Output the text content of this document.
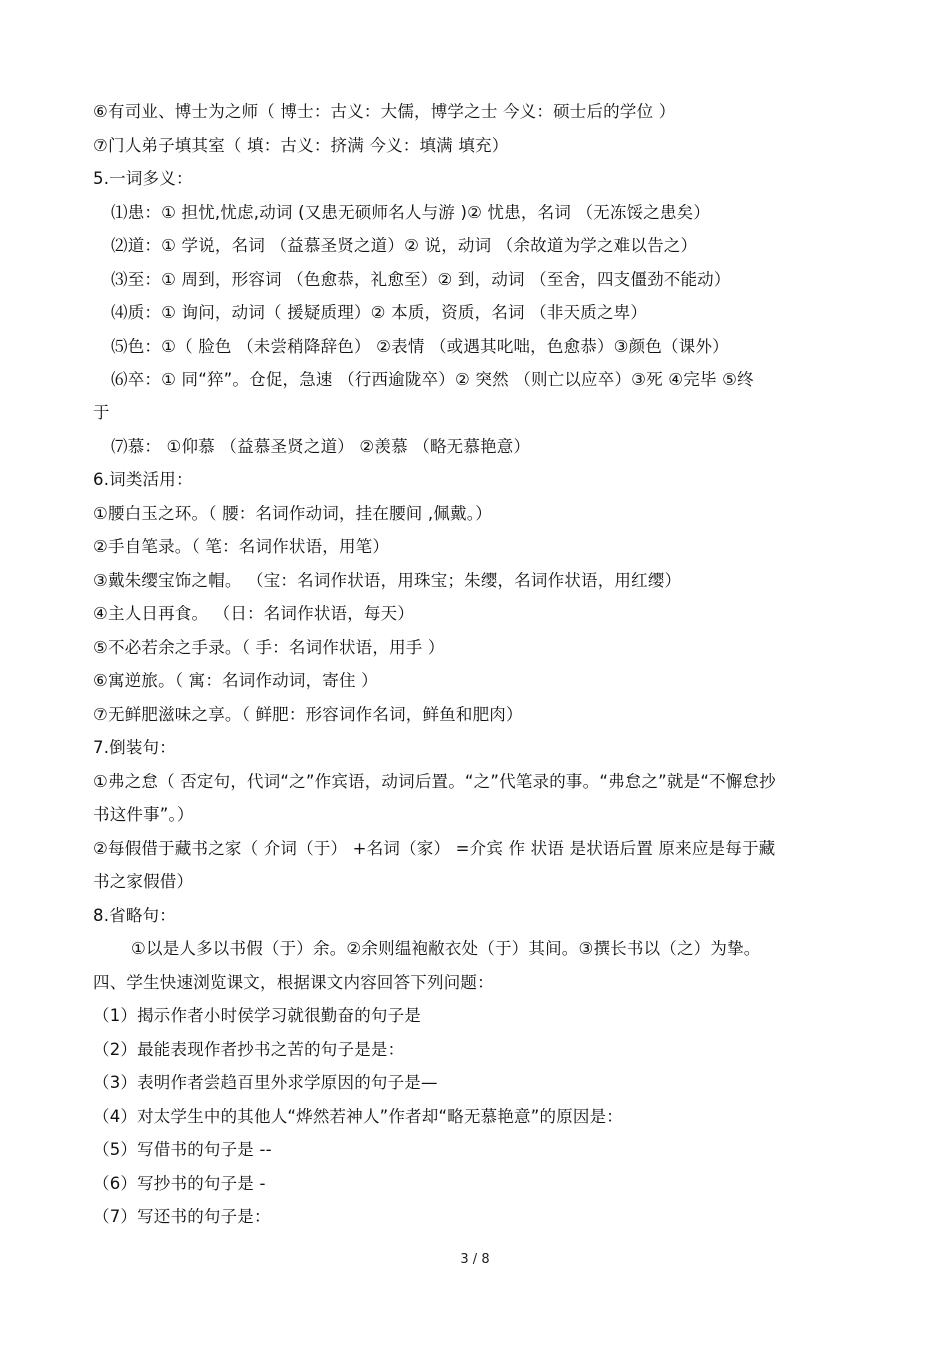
⑥有司业、博士为之师（ 博士：古义：大儒，博学之士 今义：硕士后的学位 ）
⑦门人弟子填其室（ 填：古义：挤满 今义：填满 填充）
5.一词多义：
⑴患：① 担忧,忧虑,动词 (又患无硕师名人与游 )② 忧患，名词 （无冻馁之患矣）
⑵道：① 学说，名词 （益慕圣贤之道）② 说，动词 （余故道为学之难以告之）
⑶至：① 周到，形容词 （色愈恭，礼愈至）② 到，动词 （至舍，四支僵劲不能动）
⑷质：① 询问，动词（ 援疑质理）② 本质，资质，名词 （非天质之卑）
⑸色：①（ 脸色 （未尝稍降辞色） ②表情 （或遇其叱咄，色愈恭）③颜色（课外）
⑹卒：① 同“猝”。仓促，急速 （行西逾陇卒）② 突然 （则亡以应卒）③死 ④完毕 ⑤终
于
⑺慕： ①仰慕 （益慕圣贤之道） ②羡慕 （略无慕艳意）
6.词类活用：
①腰白玉之环。（ 腰：名词作动词，挂在腰间 ,佩戴。）
②手自笔录。（ 笔：名词作状语，用笔）
③戴朱缨宝饰之帽。 （宝：名词作状语，用珠宝；朱缨，名词作状语，用红缨）
④主人日再食。 （日：名词作状语，每天）
⑤不必若余之手录。（ 手：名词作状语，用手 ）
⑥寓逆旅。（ 寓：名词作动词，寄住 ）
⑦无鲜肥滋味之享。（ 鲜肥：形容词作名词，鲜鱼和肥肉）
7.倒装句：
①弗之怠（ 否定句，代词“之”作宾语，动词后置。“之”代笔录的事。“弗怠之”就是“不懈怠抄
书这件事”。）
②每假借于藏书之家（ 介词（于） +名词（家） =介宾 作 状语 是状语后置 原来应是每于藏
书之家假借）
8.省略句：
①以是人多以书假（于）余。②余则缊袍敝衣处（于）其间。③撰长书以（之）为挚。
四、学生快速浏览课文，根据课文内容回答下列问题：
（1）揭示作者小时侯学习就很勤奋的句子是
（2）最能表现作者抄书之苦的句子是是：
（3）表明作者尝趋百里外求学原因的句子是—
（4）对太学生中的其他人“烨然若神人”作者却“略无慕艳意”的原因是：
（5）写借书的句子是 --
（6）写抄书的句子是 -
（7）写还书的句子是：
3 / 8
